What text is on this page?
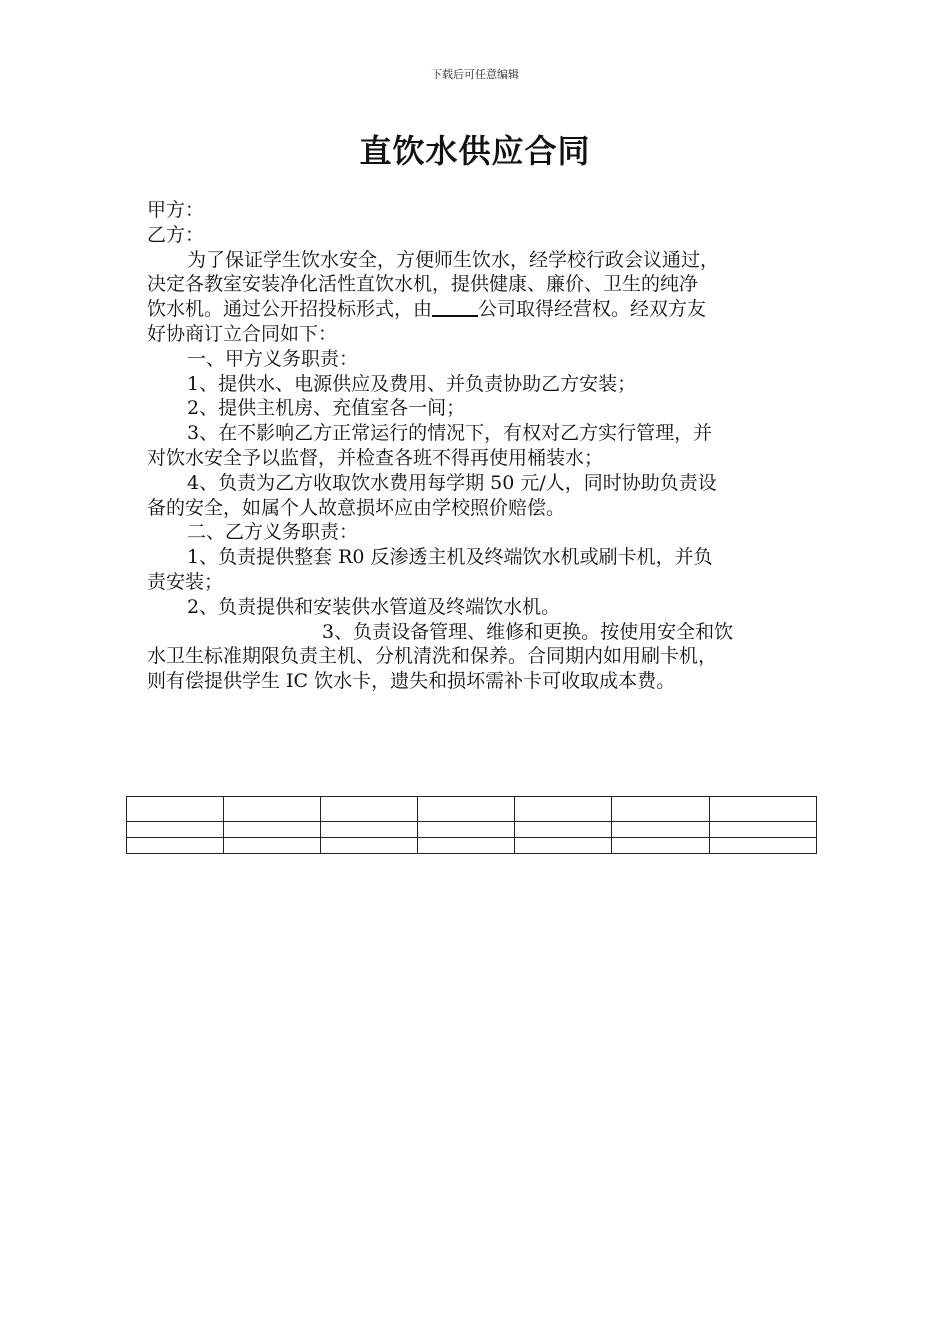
下载后可任意编辑
直饮水供应合同
甲方：
乙方：
为了保证学生饮水安全，方便师生饮水，经学校行政会议通过，
决定各教室安装净化活性直饮水机，提供健康、廉价、卫生的纯净
饮水机。通过公开招投标形式，由 公司取得经营权。经双方友
好协商订立合同如下：
一、甲方义务职责：
1、提供水、电源供应及费用、并负责协助乙方安装；
2、提供主机房、充值室各一间；
3、在不影响乙方正常运行的情况下，有权对乙方实行管理，并
对饮水安全予以监督，并检查各班不得再使用桶装水；
4、负责为乙方收取饮水费用每学期 50 元/人，同时协助负责设
备的安全，如属个人故意损坏应由学校照价赔偿。
二、乙方义务职责：
1、负责提供整套 R0 反渗透主机及终端饮水机或刷卡机，并负
责安装；
2、负责提供和安装供水管道及终端饮水机。
3、负责设备管理、维修和更换。按使用安全和饮
水卫生标准期限负责主机、分机清洗和保养。合同期内如用刷卡机，
则有偿提供学生 IC 饮水卡，遗失和损坏需补卡可收取成本费。
